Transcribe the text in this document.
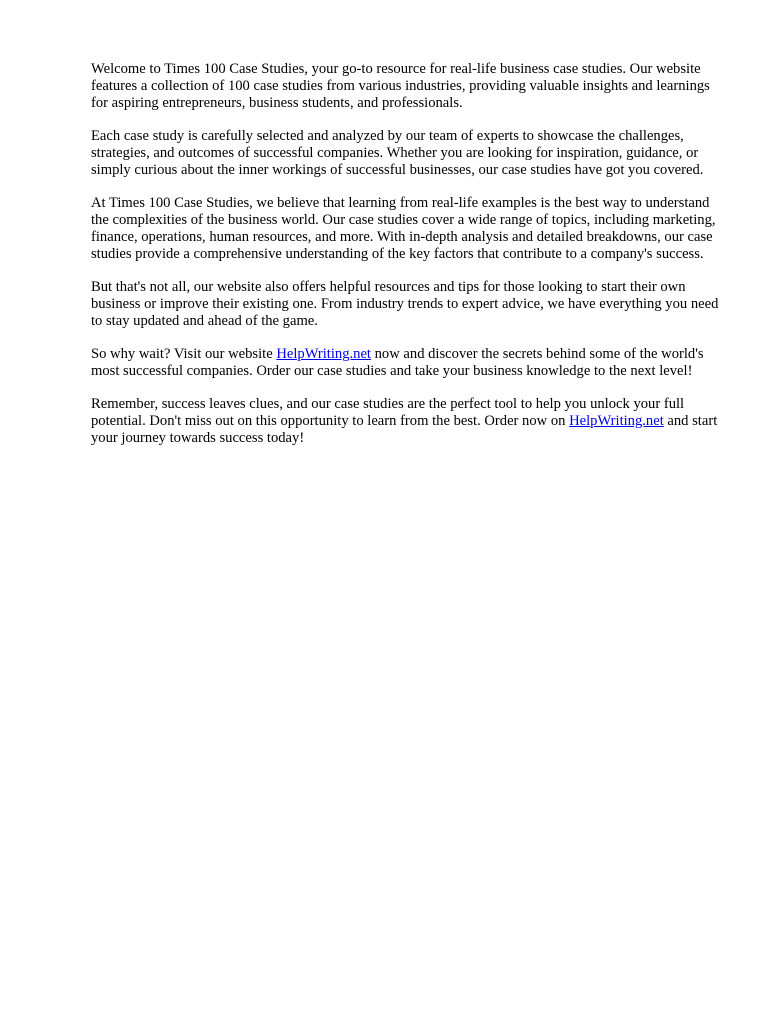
Welcome to Times 100 Case Studies, your go-to resource for real-life business case studies. Our website features a collection of 100 case studies from various industries, providing valuable insights and learnings for aspiring entrepreneurs, business students, and professionals.

Each case study is carefully selected and analyzed by our team of experts to showcase the challenges, strategies, and outcomes of successful companies. Whether you are looking for inspiration, guidance, or simply curious about the inner workings of successful businesses, our case studies have got you covered.

At Times 100 Case Studies, we believe that learning from real-life examples is the best way to understand the complexities of the business world. Our case studies cover a wide range of topics, including marketing, finance, operations, human resources, and more. With in-depth analysis and detailed breakdowns, our case studies provide a comprehensive understanding of the key factors that contribute to a company's success.

But that's not all, our website also offers helpful resources and tips for those looking to start their own business or improve their existing one. From industry trends to expert advice, we have everything you need to stay updated and ahead of the game.

So why wait? Visit our website HelpWriting.net now and discover the secrets behind some of the world's most successful companies. Order our case studies and take your business knowledge to the next level!

Remember, success leaves clues, and our case studies are the perfect tool to help you unlock your full potential. Don't miss out on this opportunity to learn from the best. Order now on HelpWriting.net and start your journey towards success today!
